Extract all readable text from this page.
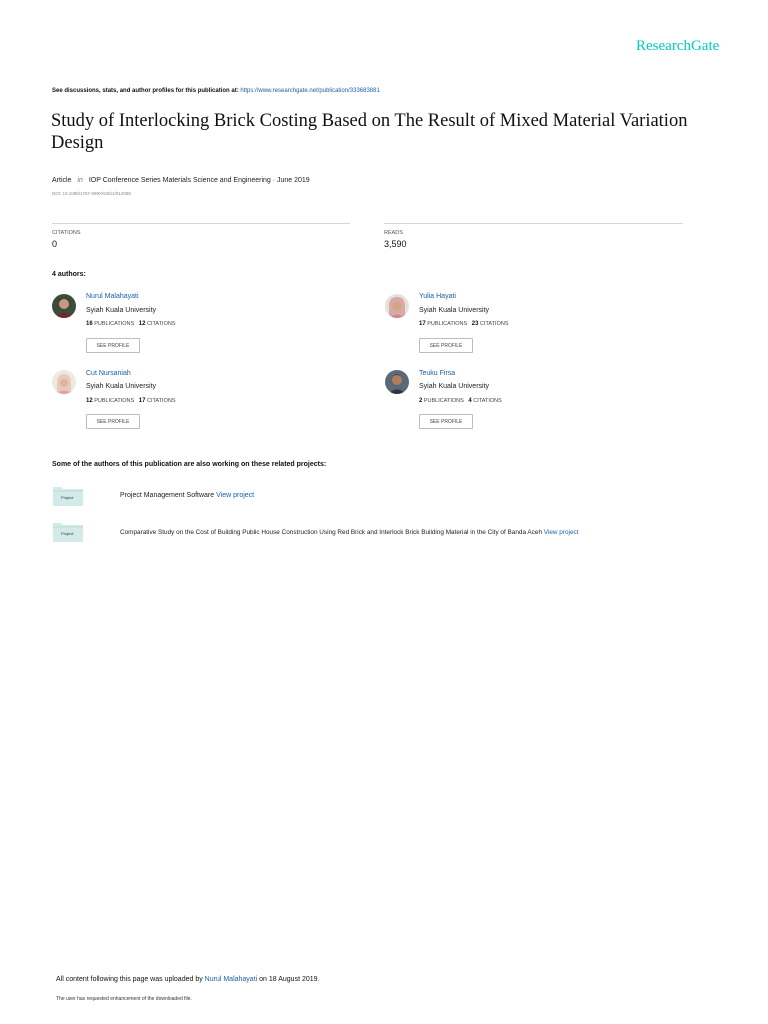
ResearchGate
See discussions, stats, and author profiles for this publication at: https://www.researchgate.net/publication/333683881
Study of Interlocking Brick Costing Based on The Result of Mixed Material Variation Design
Article in IOP Conference Series Materials Science and Engineering · June 2019
DOI: 10.1088/1757-899X/536/1/012088
CITATIONS
0
READS
3,590
4 authors:
Nurul Malahayati
Syiah Kuala University
16 PUBLICATIONS 12 CITATIONS
SEE PROFILE
Yulia Hayati
Syiah Kuala University
17 PUBLICATIONS 23 CITATIONS
SEE PROFILE
Cut Nursaniah
Syiah Kuala University
12 PUBLICATIONS 17 CITATIONS
SEE PROFILE
Teuku Firsa
Syiah Kuala University
2 PUBLICATIONS 4 CITATIONS
SEE PROFILE
Some of the authors of this publication are also working on these related projects:
Project	Project Management Software View project
Project	Comparative Study on the Cost of Building Public House Construction Using Red Brick and Interlock Brick Building Material in the City of Banda Aceh View project
All content following this page was uploaded by Nurul Malahayati on 18 August 2019.
The user has requested enhancement of the downloaded file.
